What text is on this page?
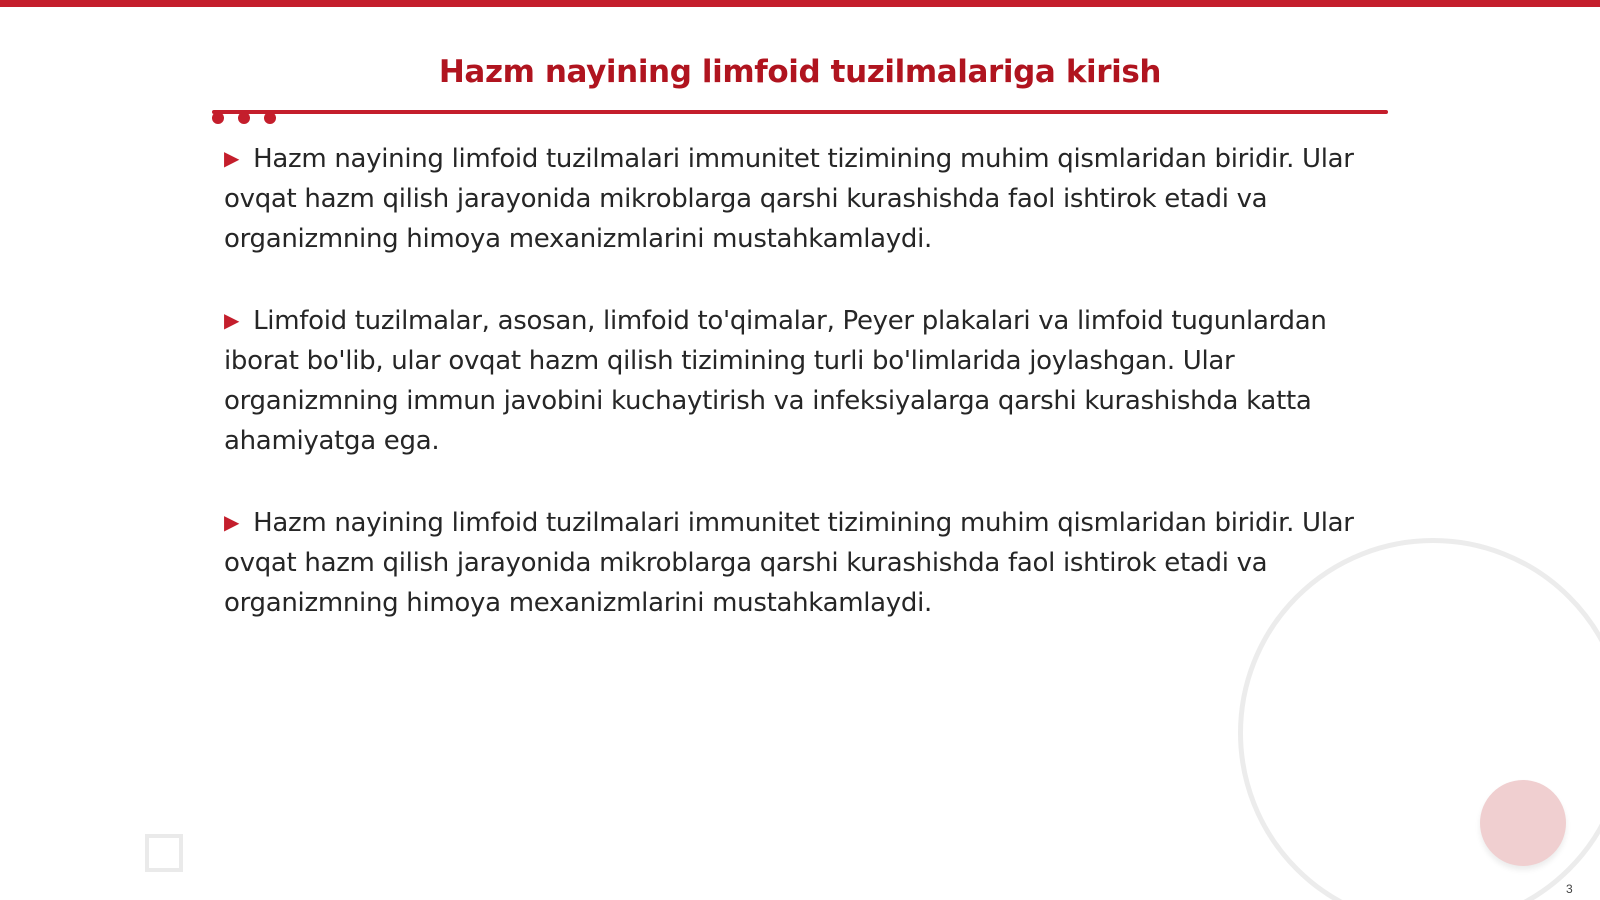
Hazm nayining limfoid tuzilmalariga kirish

▶ Hazm nayining limfoid tuzilmalari immunitet tizimining muhim qismlaridan biridir. Ular ovqat hazm qilish jarayonida mikroblarga qarshi kurashishda faol ishtirok etadi va organizmning himoya mexanizmlarini mustahkamlaydi.

▶ Limfoid tuzilmalar, asosan, limfoid to'qimalar, Peyer plakalari va limfoid tugunlardan iborat bo'lib, ular ovqat hazm qilish tizimining turli bo'limlarida joylashgan. Ular organizmning immun javobini kuchaytirish va infeksiyalarga qarshi kurashishda katta ahamiyatga ega.

▶ Hazm nayining limfoid tuzilmalari immunitet tizimining muhim qismlaridan biridir. Ular ovqat hazm qilish jarayonida mikroblarga qarshi kurashishda faol ishtirok etadi va organizmning himoya mexanizmlarini mustahkamlaydi.

3
